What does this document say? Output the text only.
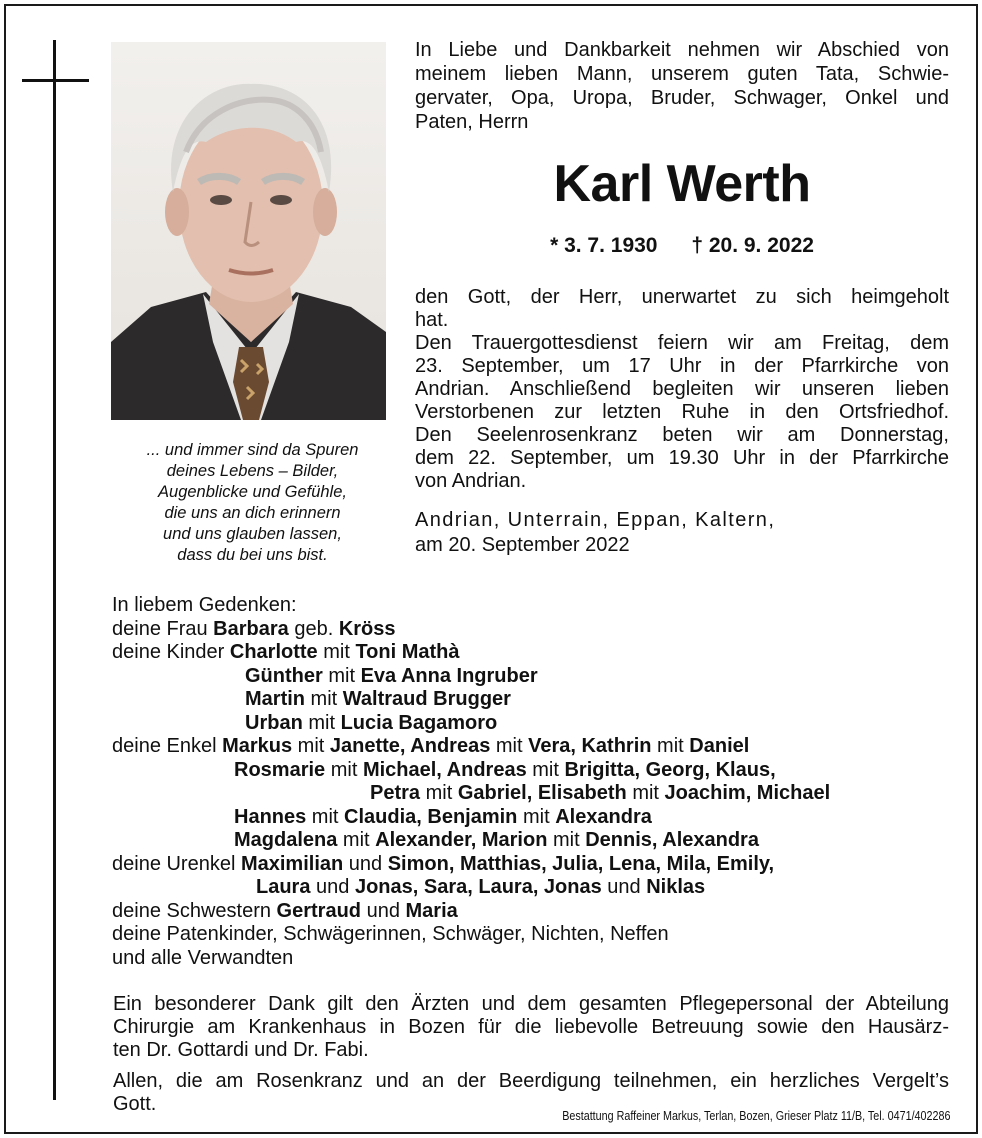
... und immer sind da Spuren
deines Lebens – Bilder,
Augenblicke und Gefühle,
die uns an dich erinnern
und uns glauben lassen,
dass du bei uns bist.
In Liebe und Dankbarkeit nehmen wir Abschied von
meinem lieben Mann, unserem guten Tata, Schwie-
gervater, Opa, Uropa, Bruder, Schwager, Onkel und
Paten, Herrn
Karl Werth
* 3. 7. 1930 † 20. 9. 2022
den Gott, der Herr, unerwartet zu sich heimgeholt
hat.
Den Trauergottesdienst feiern wir am Freitag, dem
23. September, um 17 Uhr in der Pfarrkirche von
Andrian. Anschließend begleiten wir unseren lieben
Verstorbenen zur letzten Ruhe in den Ortsfriedhof.
Den Seelenrosenkranz beten wir am Donnerstag,
dem 22. September, um 19.30 Uhr in der Pfarrkirche
von Andrian.
Andrian, Unterrain, Eppan, Kaltern,
am 20. September 2022
In liebem Gedenken:
deine Frau Barbara geb. Kröss
deine Kinder Charlotte mit Toni Mathà
Günther mit Eva Anna Ingruber
Martin mit Waltraud Brugger
Urban mit Lucia Bagamoro
deine Enkel Markus mit Janette, Andreas mit Vera, Kathrin mit Daniel
Rosmarie mit Michael, Andreas mit Brigitta, Georg, Klaus,
Petra mit Gabriel, Elisabeth mit Joachim, Michael
Hannes mit Claudia, Benjamin mit Alexandra
Magdalena mit Alexander, Marion mit Dennis, Alexandra
deine Urenkel Maximilian und Simon, Matthias, Julia, Lena, Mila, Emily,
Laura und Jonas, Sara, Laura, Jonas und Niklas
deine Schwestern Gertraud und Maria
deine Patenkinder, Schwägerinnen, Schwäger, Nichten, Neffen
und alle Verwandten
Ein besonderer Dank gilt den Ärzten und dem gesamten Pflegepersonal der Abteilung
Chirurgie am Krankenhaus in Bozen für die liebevolle Betreuung sowie den Hausärz-
ten Dr. Gottardi und Dr. Fabi.
Allen, die am Rosenkranz und an der Beerdigung teilnehmen, ein herzliches Vergelt’s
Gott.
Bestattung Raffeiner Markus, Terlan, Bozen, Grieser Platz 11/B, Tel. 0471/402286
